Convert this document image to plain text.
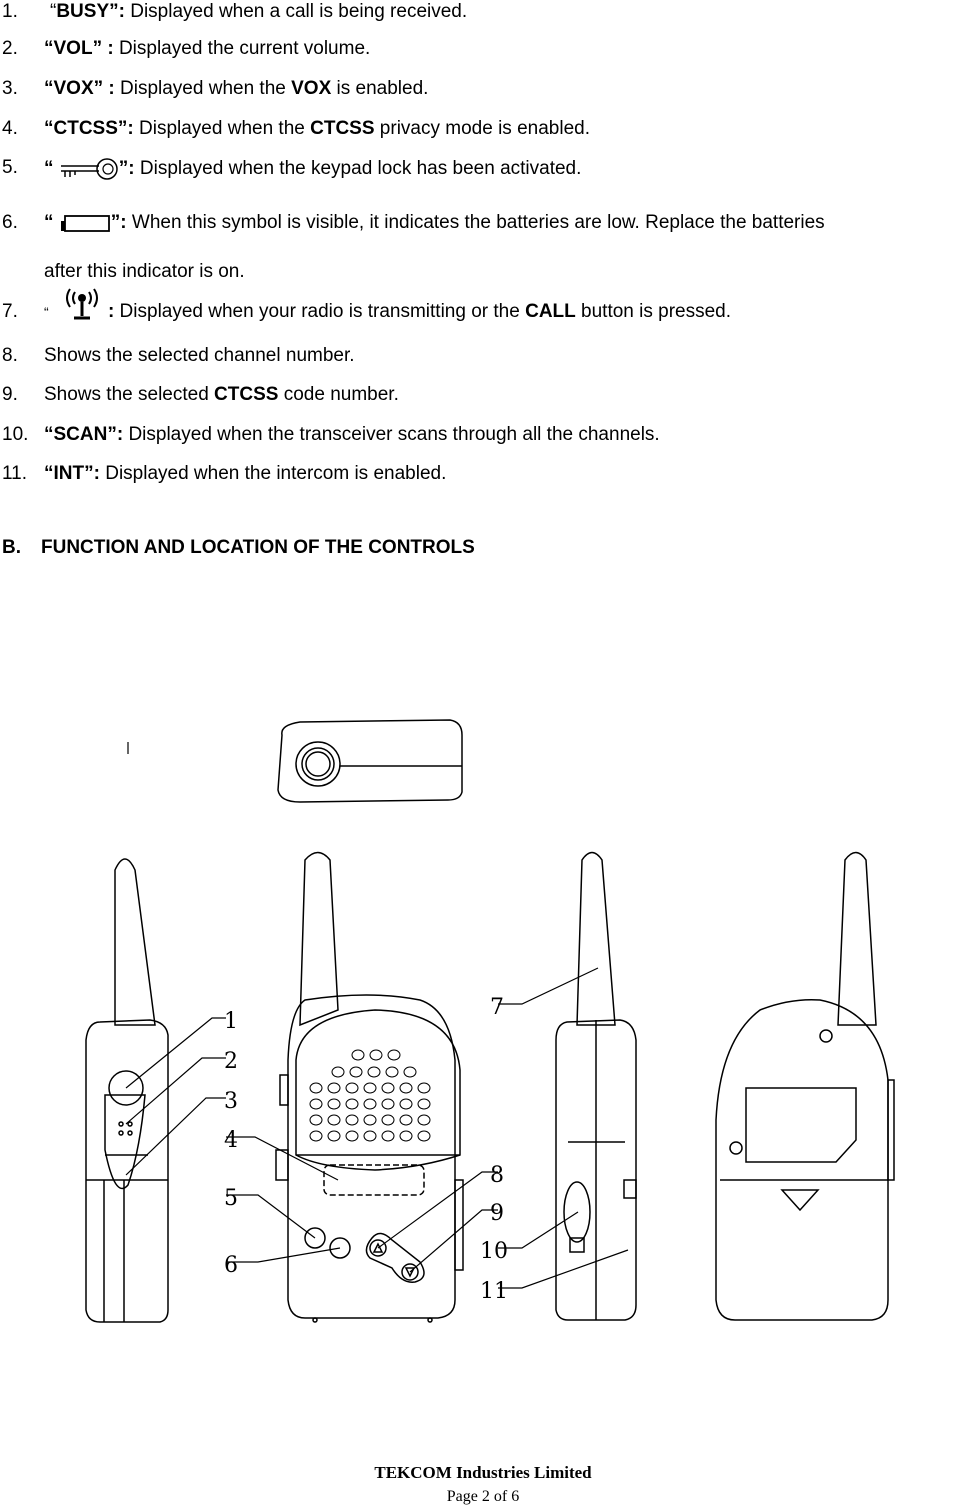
1. “BUSY”: Displayed when a call is being received.
2. “VOL” : Displayed the current volume.
3. “VOX” : Displayed when the VOX is enabled.
4. “CTCSS”: Displayed when the CTCSS privacy mode is enabled.
5. “	”: Displayed when the keypad lock has been activated.
6. “	”: When this symbol is visible, it indicates the batteries are low. Replace the batteries
after this indicator is on.
7. “	: Displayed when your radio is transmitting or the CALL button is pressed.
8. Shows the selected channel number.
9. Shows the selected CTCSS code number.
10. “SCAN”: Displayed when the transceiver scans through all the channels.
11. “INT”: Displayed when the intercom is enabled.
B. FUNCTION AND LOCATION OF THE CONTROLS
1
2
3
4
5
6
7
8
9
10
11
TEKCOM Industries Limited
Page 2 of 6
